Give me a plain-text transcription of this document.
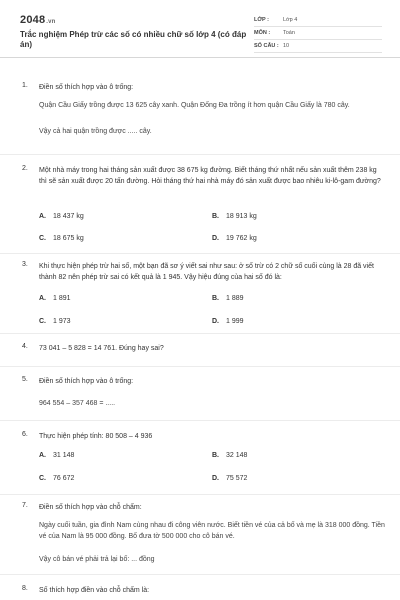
2048.vn
Trắc nghiệm Phép trừ các số có nhiều chữ số lớp 4 (có đáp án)
LỚP :	Lớp 4
MÔN :	Toán
SỐ CÂU : 10
1. Điền số thích hợp vào ô trống:
Quận Cầu Giấy trồng được 13 625 cây xanh. Quận Đống Đa trồng ít hơn quận Cầu Giấy là 780 cây.
Vậy cả hai quận trồng được ..... cây.
2. Một nhà máy trong hai tháng sản xuất được 38 675 kg đường. Biết tháng thứ nhất nếu sản xuất thêm 238 kg thì sẽ sản xuất được 20 tấn đường. Hỏi tháng thứ hai nhà máy đó sản xuất được bao nhiêu ki-lô-gam đường?
A. 18 437 kg	B. 18 913 kg
C. 18 675 kg	D. 19 762 kg
3. Khi thực hiện phép trừ hai số, một bạn đã sơ ý viết sai như sau: ở số trừ có 2 chữ số cuối cùng là 28 đã viết thành 82 nên phép trừ sai có kết quả là 1 945. Vậy hiệu đúng của hai số đó là:
A. 1 891	B. 1 889
C. 1 973	D. 1 999
4. 73 041 – 5 828 = 14 761. Đúng hay sai?
5. Điền số thích hợp vào ô trống:
964 554 – 357 468 = .....
6. Thực hiện phép tính: 80 508 – 4 936
A. 31 148	B. 32 148
C. 76 672	D. 75 572
7. Điền số thích hợp vào chỗ chấm:
Ngày cuối tuần, gia đình Nam cùng nhau đi công viên nước. Biết tiền vé của cả bố và mẹ là 318 000 đồng. Tiền vé của Nam là 95 000 đồng. Bố đưa tờ 500 000 cho cô bán vé.
Vậy cô bán vé phải trả lại bố: ... đồng
8. Số thích hợp điền vào chỗ chấm là:
